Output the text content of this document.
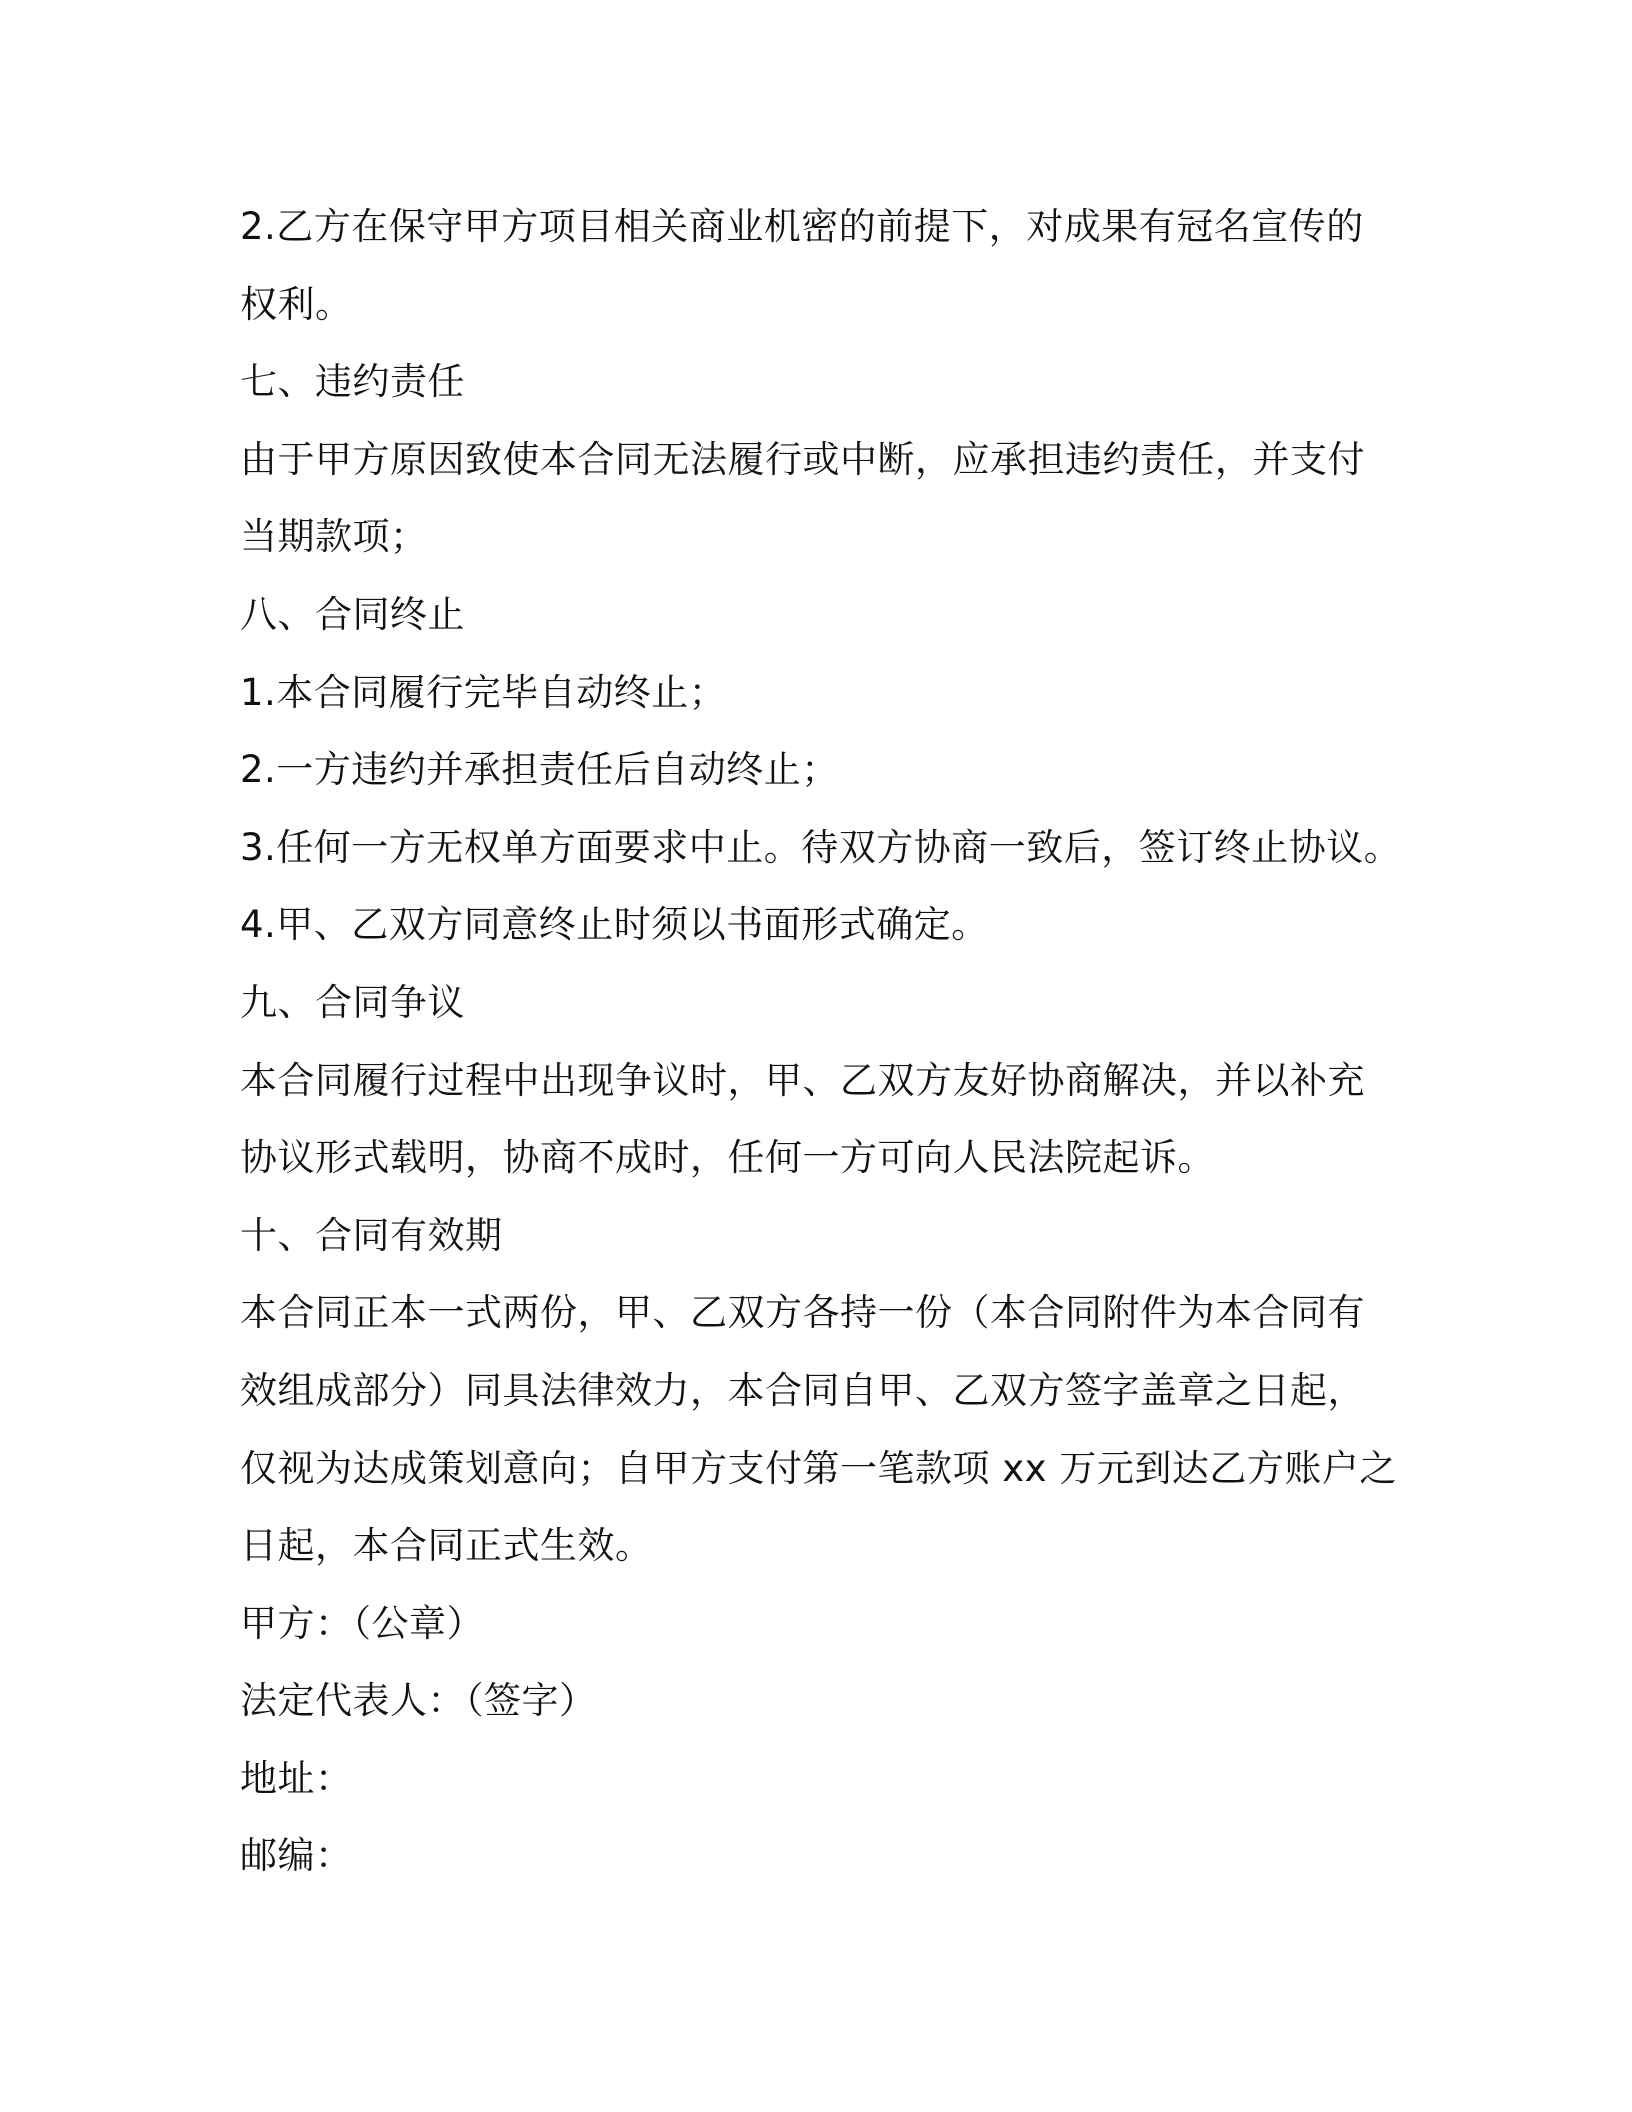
2.乙方在保守甲方项目相关商业机密的前提下，对成果有冠名宣传的
权利。
七、违约责任
由于甲方原因致使本合同无法履行或中断，应承担违约责任，并支付
当期款项；
八、合同终止
1.本合同履行完毕自动终止；
2.一方违约并承担责任后自动终止；
3.任何一方无权单方面要求中止。待双方协商一致后，签订终止协议。
4.甲、乙双方同意终止时须以书面形式确定。
九、合同争议
本合同履行过程中出现争议时，甲、乙双方友好协商解决，并以补充
协议形式载明，协商不成时，任何一方可向人民法院起诉。
十、合同有效期
本合同正本一式两份，甲、乙双方各持一份（本合同附件为本合同有
效组成部分）同具法律效力，本合同自甲、乙双方签字盖章之日起，
仅视为达成策划意向；自甲方支付第一笔款项 xx 万元到达乙方账户之
日起，本合同正式生效。
甲方：（公章）
法定代表人：（签字）
地址：
邮编：
